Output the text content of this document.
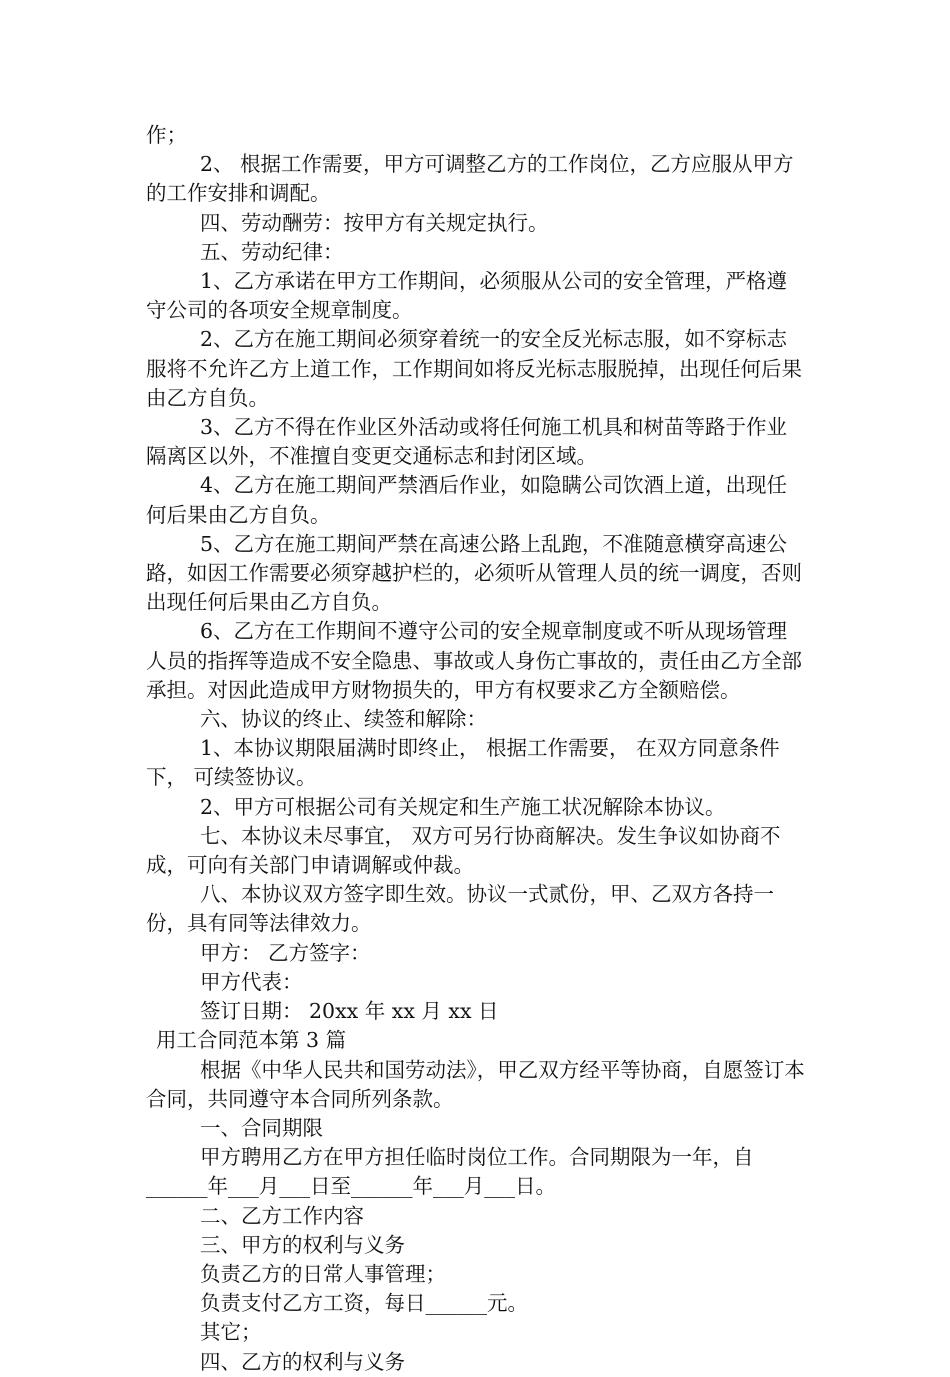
作；

2、 根据工作需要，甲方可调整乙方的工作岗位，乙方应服从甲方的工作安排和调配。

四、劳动酬劳：按甲方有关规定执行。

五、劳动纪律：

1、乙方承诺在甲方工作期间，必须服从公司的安全管理，严格遵守公司的各项安全规章制度。

2、乙方在施工期间必须穿着统一的安全反光标志服，如不穿标志服将不允许乙方上道工作，工作期间如将反光标志服脱掉，出现任何后果由乙方自负。

3、乙方不得在作业区外活动或将任何施工机具和树苗等路于作业隔离区以外，不准擅自变更交通标志和封闭区域。

4、乙方在施工期间严禁酒后作业，如隐瞒公司饮酒上道，出现任何后果由乙方自负。

5、乙方在施工期间严禁在高速公路上乱跑，不准随意横穿高速公路，如因工作需要必须穿越护栏的，必须听从管理人员的统一调度，否则出现任何后果由乙方自负。

6、乙方在工作期间不遵守公司的安全规章制度或不听从现场管理人员的指挥等造成不安全隐患、事故或人身伤亡事故的，责任由乙方全部承担。对因此造成甲方财物损失的，甲方有权要求乙方全额赔偿。

六、协议的终止、续签和解除：

1、本协议期限届满时即终止， 根据工作需要， 在双方同意条件下， 可续签协议。

2、甲方可根据公司有关规定和生产施工状况解除本协议。

七、本协议未尽事宜， 双方可另行协商解决。发生争议如协商不成，可向有关部门申请调解或仲裁。

八、本协议双方签字即生效。协议一式贰份，甲、乙双方各持一份，具有同等法律效力。

甲方： 乙方签字：

甲方代表：

签订日期： 20xx 年 xx 月 xx 日

用工合同范本第 3 篇

根据《中华人民共和国劳动法》，甲乙双方经平等协商，自愿签订本合同，共同遵守本合同所列条款。

一、合同期限

甲方聘用乙方在甲方担任临时岗位工作。合同期限为一年，自______年___月___日至______年___月___日。

二、乙方工作内容

三、甲方的权利与义务

负责乙方的日常人事管理；

负责支付乙方工资，每日______元。

其它；

四、乙方的权利与义务
